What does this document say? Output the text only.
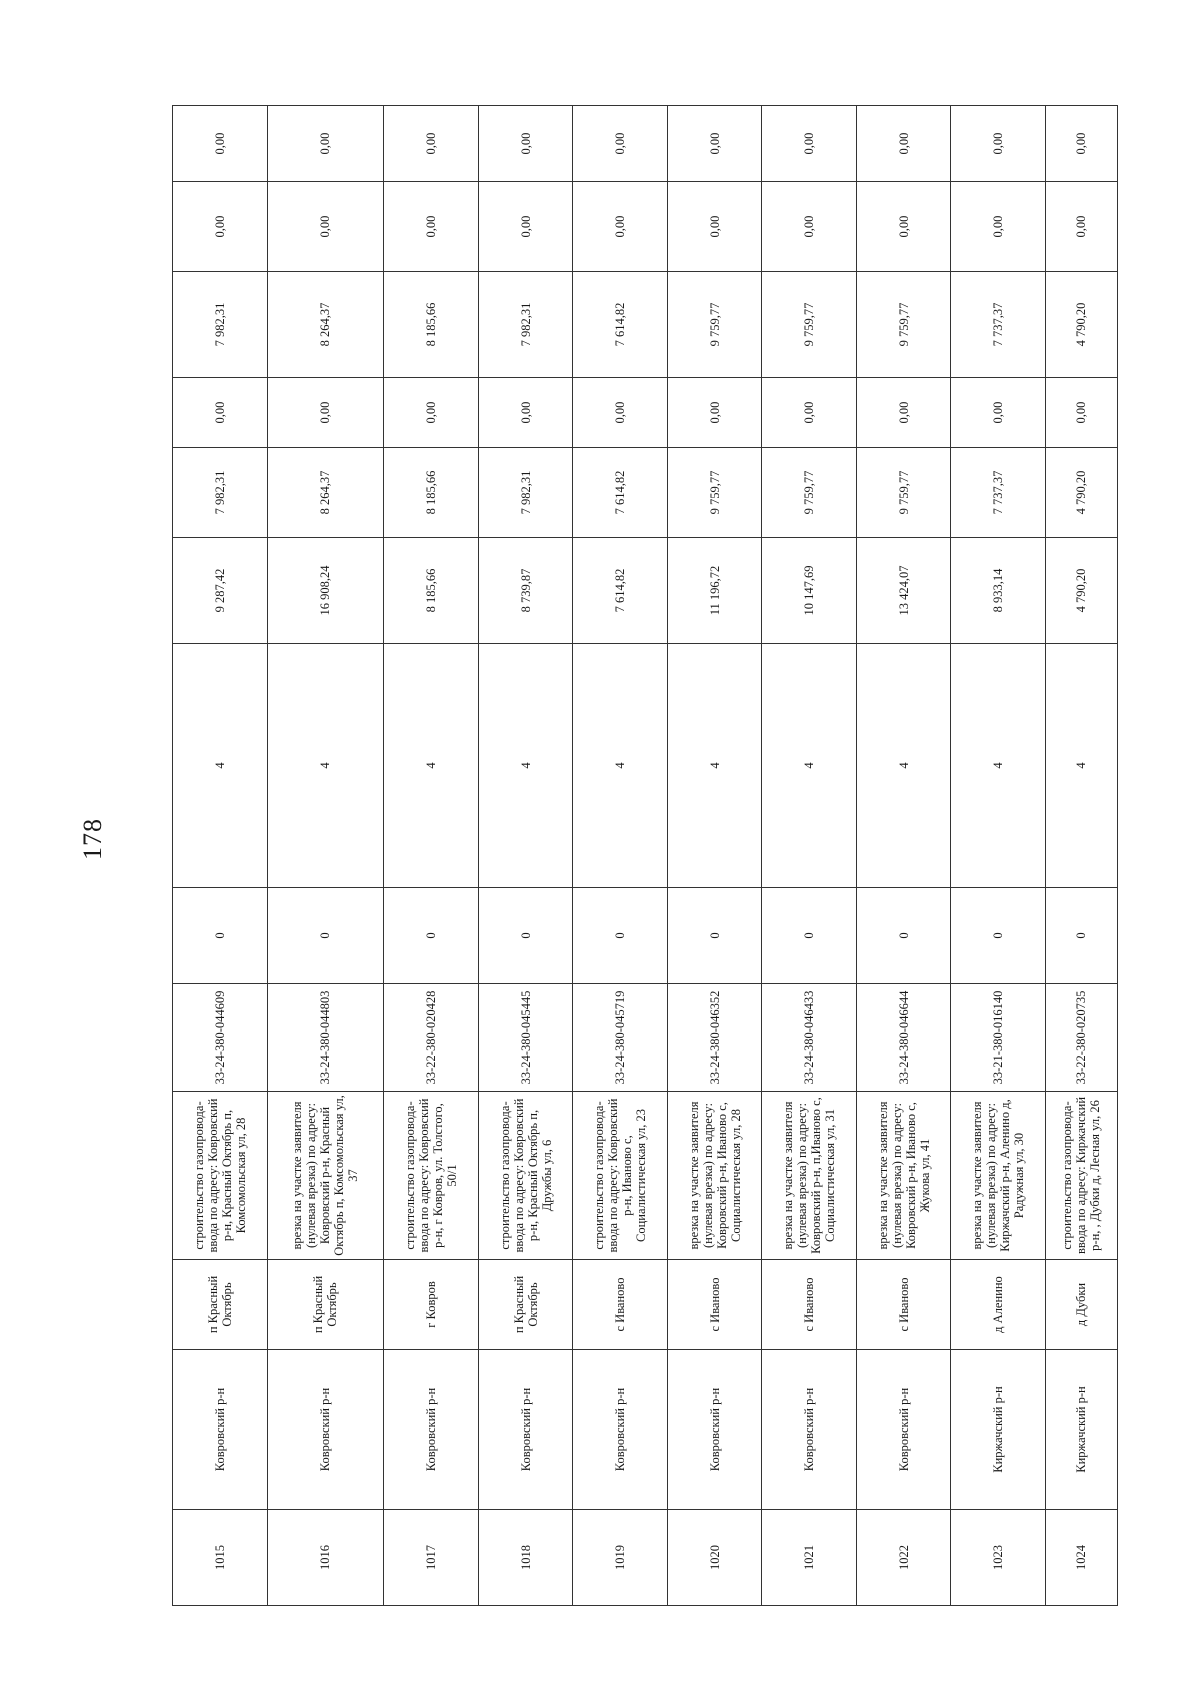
178
1015	Ковровский р-н	п Красный Октябрь	строительство газопровода-ввода по адресу: Ковровский р-н, Красный Октябрь п, Комсомольская ул, 28	33-24-380-044609	0	4	9 287,42	7 982,31	0,00	7 982,31	0,00	0,00
1016	Ковровский р-н	п Красный Октябрь	врезка на участке заявителя (нулевая врезка) по адресу: Ковровский р-н, Красный Октябрь п, Комсомольская ул, 37	33-24-380-044803	0	4	16 908,24	8 264,37	0,00	8 264,37	0,00	0,00
1017	Ковровский р-н	г Ковров	строительство газопровода-ввода по адресу: Ковровский р-н, г Ковров, ул. Толстого, 50/1	33-22-380-020428	0	4	8 185,66	8 185,66	0,00	8 185,66	0,00	0,00
1018	Ковровский р-н	п Красный Октябрь	строительство газопровода-ввода по адресу: Ковровский р-н, Красный Октябрь п, Дружбы ул, 6	33-24-380-045445	0	4	8 739,87	7 982,31	0,00	7 982,31	0,00	0,00
1019	Ковровский р-н	с Иваново	строительство газопровода-ввода по адресу: Ковровский р-н, Иваново с, Социалистическая ул, 23	33-24-380-045719	0	4	7 614,82	7 614,82	0,00	7 614,82	0,00	0,00
1020	Ковровский р-н	с Иваново	врезка на участке заявителя (нулевая врезка) по адресу: Ковровский р-н, Иваново с, Социалистическая ул, 28	33-24-380-046352	0	4	11 196,72	9 759,77	0,00	9 759,77	0,00	0,00
1021	Ковровский р-н	с Иваново	врезка на участке заявителя (нулевая врезка) по адресу: Ковровский р-н, п,Иваново с, Социалистическая ул, 31	33-24-380-046433	0	4	10 147,69	9 759,77	0,00	9 759,77	0,00	0,00
1022	Ковровский р-н	с Иваново	врезка на участке заявителя (нулевая врезка) по адресу: Ковровский р-н, Иваново с, Жукова ул, 41	33-24-380-046644	0	4	13 424,07	9 759,77	0,00	9 759,77	0,00	0,00
1023	Киржачский р-н	д Аленино	врезка на участке заявителя (нулевая врезка) по адресу: Киржачский р-н, Аленино д, Радужная ул, 30	33-21-380-016140	0	4	8 933,14	7 737,37	0,00	7 737,37	0,00	0,00
1024	Киржачский р-н	д Дубки	строительство газопровода-ввода по адресу: Киржачский р-н, , Дубки д, Лесная ул, 26	33-22-380-020735	0	4	4 790,20	4 790,20	0,00	4 790,20	0,00	0,00
